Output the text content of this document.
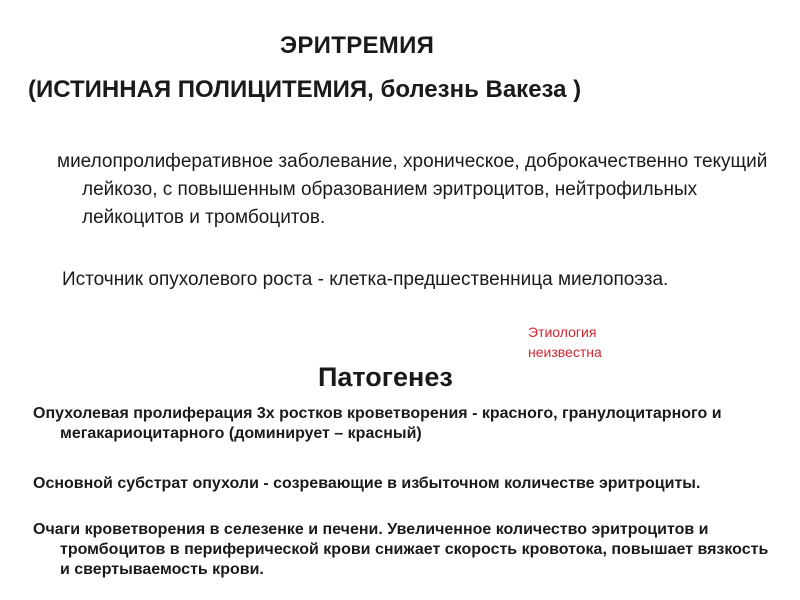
ЭРИТРЕМИЯ
(ИСТИННАЯ ПОЛИЦИТЕМИЯ, болезнь Вакеза )
миелопролиферативное заболевание, хроническое, доброкачественно текущий лейкозо, с повышенным образованием эритроцитов, нейтрофильных лейкоцитов и тромбоцитов.
Источник опухолевого роста - клетка-предшественница миелопоэза.
Этиология неизвестна
Патогенез
Опухолевая пролиферация 3х ростков кроветворения - красного, гранулоцитарного и мегакариоцитарного (доминирует – красный)
Основной субстрат опухоли - созревающие в избыточном количестве эритроциты.
Очаги кроветворения в селезенке и печени. Увеличенное количество эритроцитов и тромбоцитов в периферической крови снижает скорость кровотока, повышает вязкость и свертываемость крови.
